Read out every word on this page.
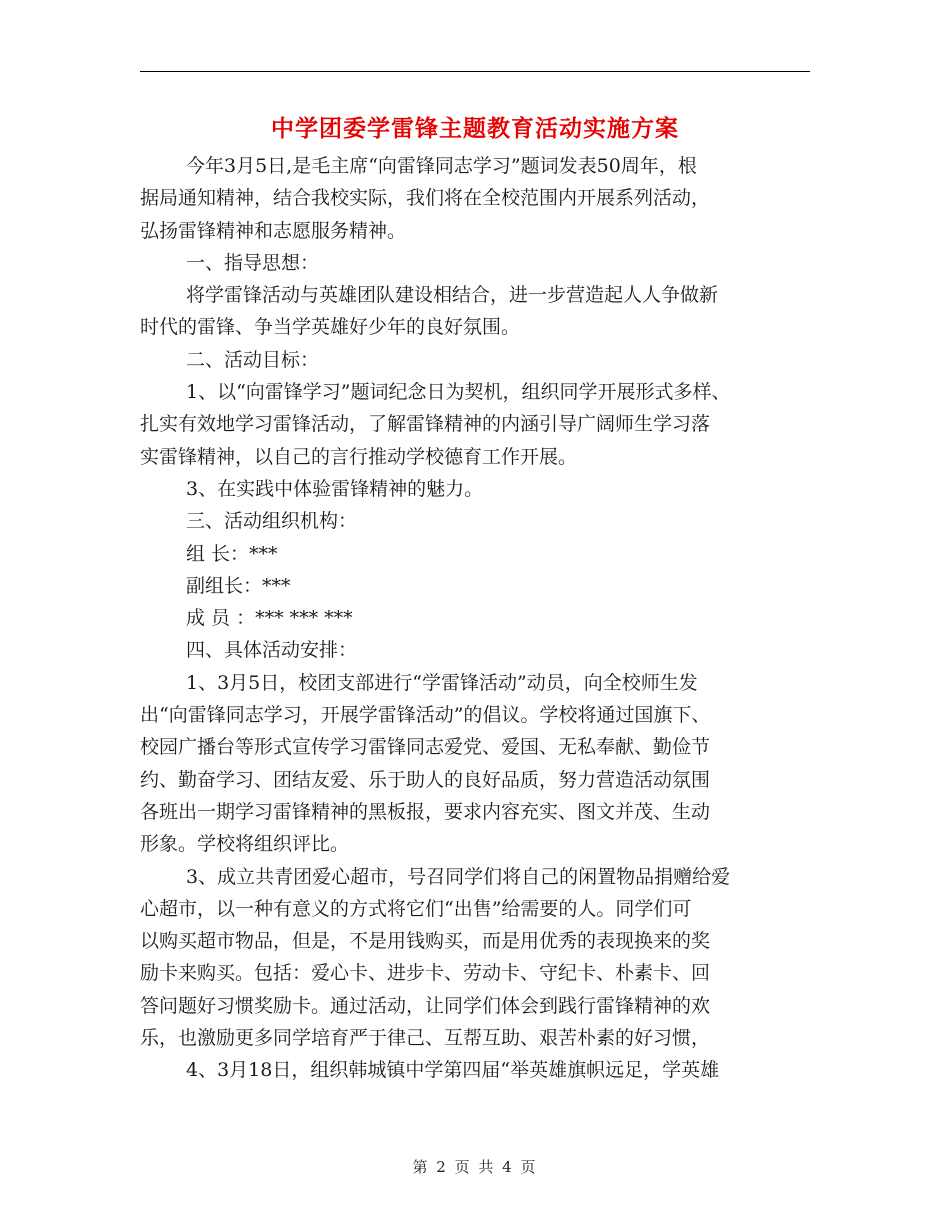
中学团委学雷锋主题教育活动实施方案
今年3月5日,是毛主席“向雷锋同志学习”题词发表50周年，根
据局通知精神，结合我校实际，我们将在全校范围内开展系列活动，
弘扬雷锋精神和志愿服务精神。
一、指导思想：
将学雷锋活动与英雄团队建设相结合，进一步营造起人人争做新
时代的雷锋、争当学英雄好少年的良好氛围。
二、活动目标：
1、以“向雷锋学习”题词纪念日为契机，组织同学开展形式多样、
扎实有效地学习雷锋活动，了解雷锋精神的内涵引导广阔师生学习落
实雷锋精神，以自己的言行推动学校德育工作开展。
3、在实践中体验雷锋精神的魅力。
三、活动组织机构：
组 长：***
副组长：***
成 员 ：*** *** ***
四、具体活动安排：
1、3月5日，校团支部进行“学雷锋活动”动员，向全校师生发
出“向雷锋同志学习，开展学雷锋活动”的倡议。学校将通过国旗下、
校园广播台等形式宣传学习雷锋同志爱党、爱国、无私奉献、勤俭节
约、勤奋学习、团结友爱、乐于助人的良好品质，努力营造活动氛围
各班出一期学习雷锋精神的黑板报，要求内容充实、图文并茂、生动
形象。学校将组织评比。
3、成立共青团爱心超市，号召同学们将自己的闲置物品捐赠给爱
心超市，以一种有意义的方式将它们“出售”给需要的人。同学们可
以购买超市物品，但是，不是用钱购买，而是用优秀的表现换来的奖
励卡来购买。包括：爱心卡、进步卡、劳动卡、守纪卡、朴素卡、回
答问题好习惯奖励卡。通过活动，让同学们体会到践行雷锋精神的欢
乐，也激励更多同学培育严于律己、互帮互助、艰苦朴素的好习惯，
4、3月18日，组织韩城镇中学第四届“举英雄旗帜远足，学英雄
第 2 页 共 4 页
